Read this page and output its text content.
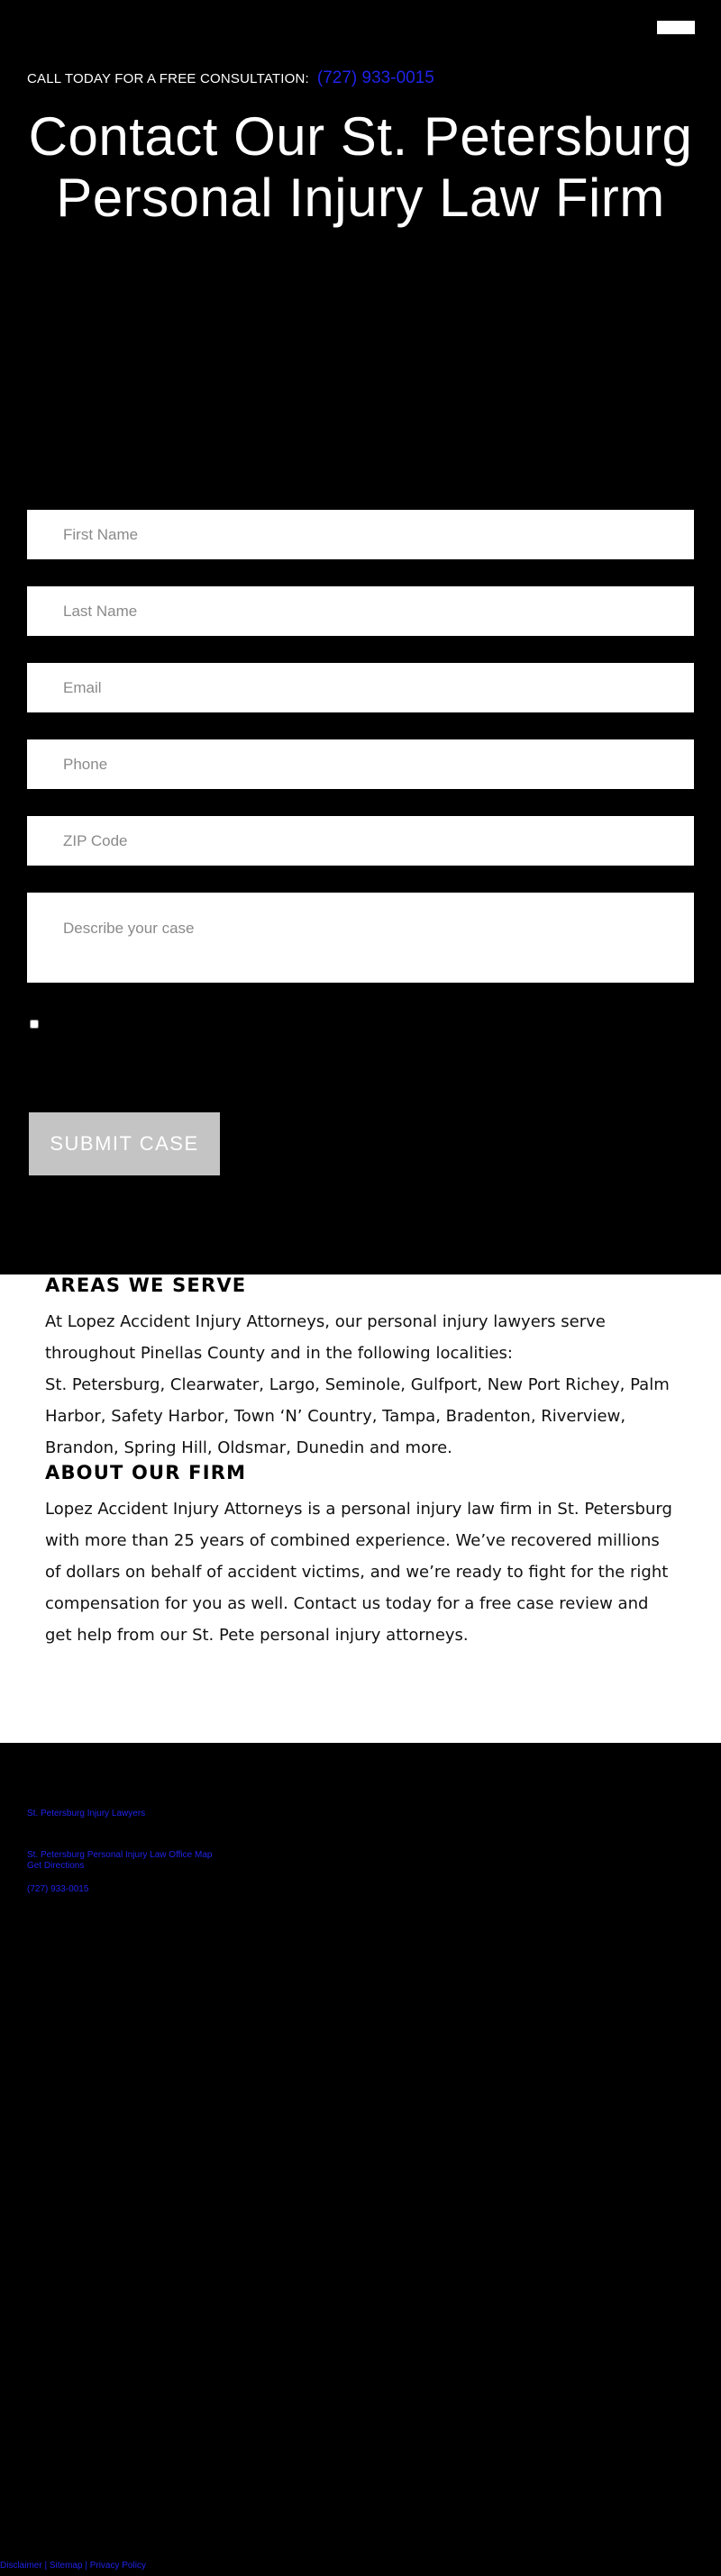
CALL TODAY FOR A FREE CONSULTATION: (727) 933-0015
Contact Our St. Petersburg Personal Injury Law Firm
First Name
Last Name
Email
Phone
ZIP Code
Describe your case
SUBMIT CASE
AREAS WE SERVE

At Lopez Accident Injury Attorneys, our personal injury lawyers serve throughout Pinellas County and in the following localities:

St. Petersburg, Clearwater, Largo, Seminole, Gulfport, New Port Richey, Palm Harbor, Safety Harbor, Town ‘N’ Country, Tampa, Bradenton, Riverview, Brandon, Spring Hill, Oldsmar, Dunedin and more.

ABOUT OUR FIRM

Lopez Accident Injury Attorneys is a personal injury law firm in St. Petersburg with more than 25 years of combined experience. We’ve recovered millions of dollars on behalf of accident victims, and we’re ready to fight for the right compensation for you as well. Contact us today for a free case review and get help from our St. Pete personal injury attorneys.

St. Petersburg Injury Lawyers
St. Petersburg Personal Injury Law Office Map
Get Directions
(727) 933-0015
Disclaimer | Sitemap | Privacy Policy
